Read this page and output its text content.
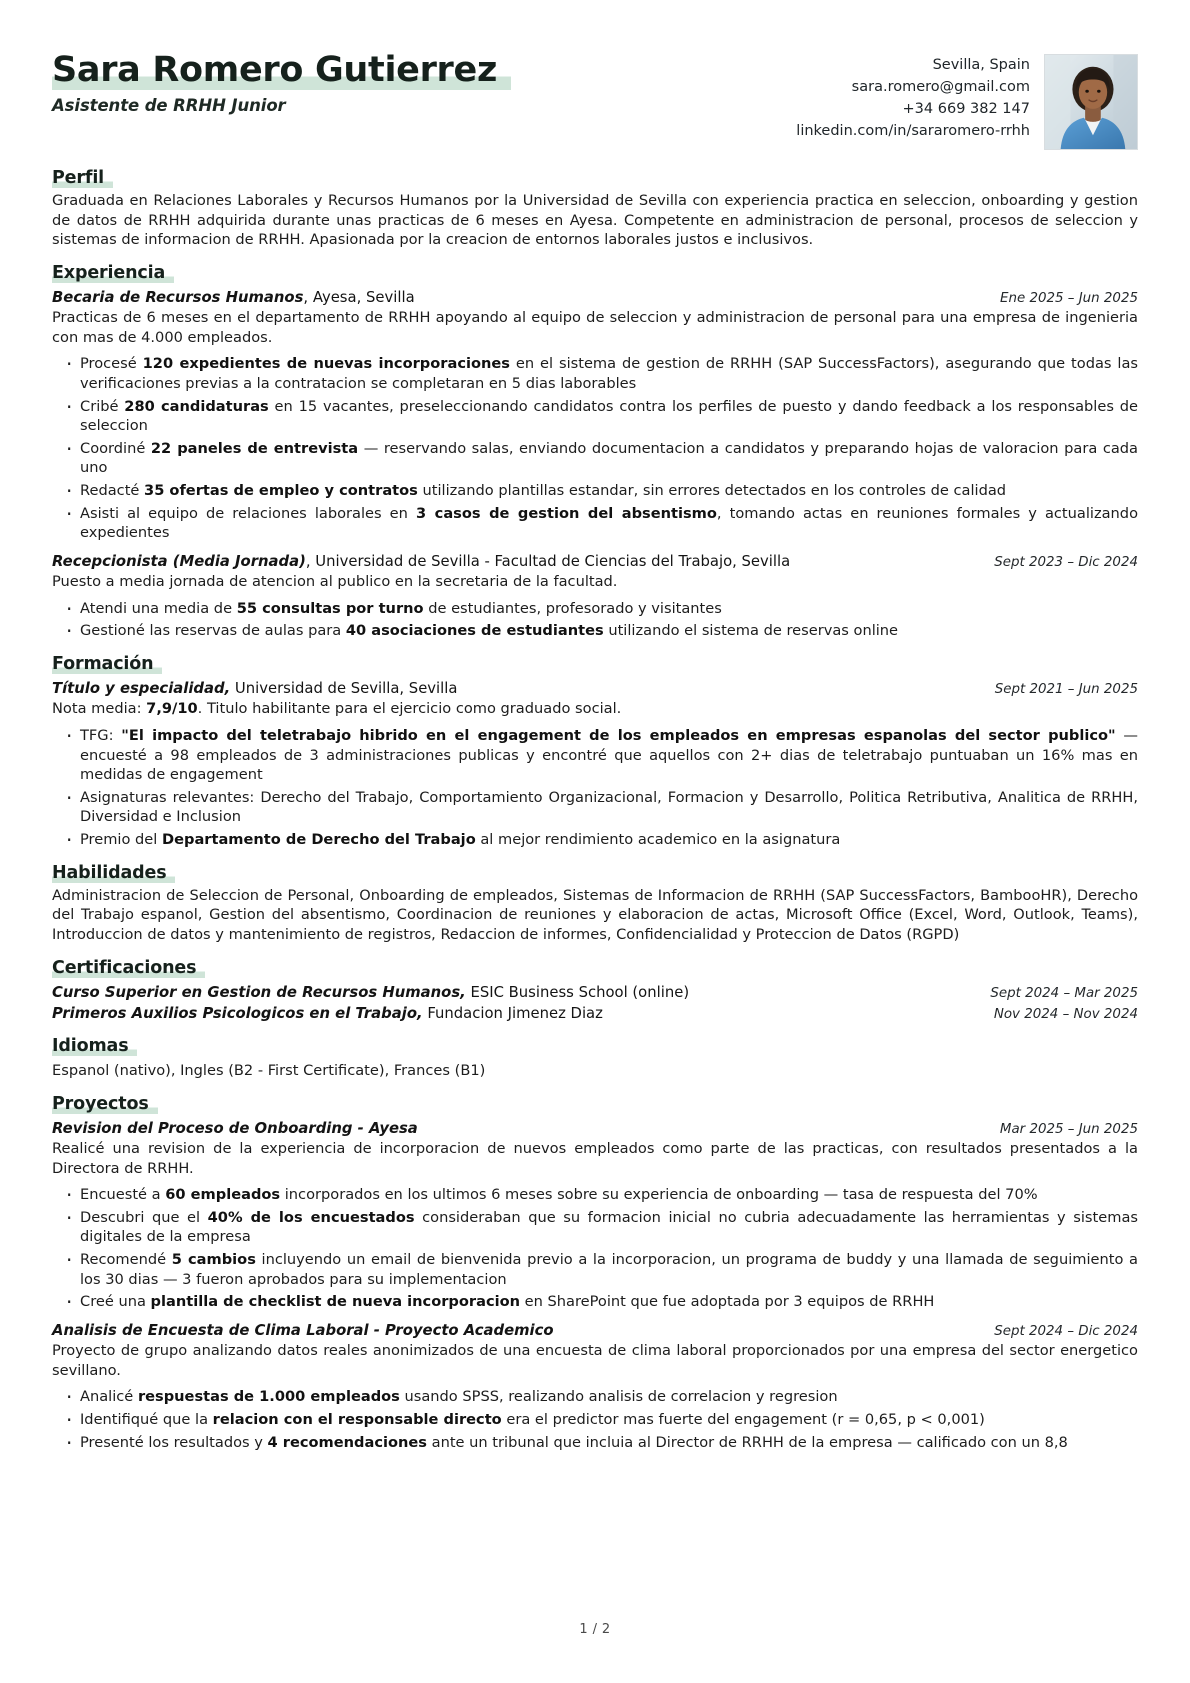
Sara Romero Gutierrez
Asistente de RRHH Junior
Sevilla, Spain
sara.romero@gmail.com
+34 669 382 147
linkedin.com/in/sararomero-rrhh
Perfil
Graduada en Relaciones Laborales y Recursos Humanos por la Universidad de Sevilla con experiencia practica en seleccion, onboarding y gestion de datos de RRHH adquirida durante unas practicas de 6 meses en Ayesa. Competente en administracion de personal, procesos de seleccion y sistemas de informacion de RRHH. Apasionada por la creacion de entornos laborales justos e inclusivos.
Experiencia
Becaria de Recursos Humanos, Ayesa, Sevilla	Ene 2025 – Jun 2025
Practicas de 6 meses en el departamento de RRHH apoyando al equipo de seleccion y administracion de personal para una empresa de ingenieria con mas de 4.000 empleados.
· Procesé 120 expedientes de nuevas incorporaciones en el sistema de gestion de RRHH (SAP SuccessFactors), asegurando que todas las verificaciones previas a la contratacion se completaran en 5 dias laborables
· Cribé 280 candidaturas en 15 vacantes, preseleccionando candidatos contra los perfiles de puesto y dando feedback a los responsables de seleccion
· Coordiné 22 paneles de entrevista — reservando salas, enviando documentacion a candidatos y preparando hojas de valoracion para cada uno
· Redacté 35 ofertas de empleo y contratos utilizando plantillas estandar, sin errores detectados en los controles de calidad
· Asisti al equipo de relaciones laborales en 3 casos de gestion del absentismo, tomando actas en reuniones formales y actualizando expedientes
Recepcionista (Media Jornada), Universidad de Sevilla - Facultad de Ciencias del Trabajo, Sevilla	Sept 2023 – Dic 2024
Puesto a media jornada de atencion al publico en la secretaria de la facultad.
· Atendi una media de 55 consultas por turno de estudiantes, profesorado y visitantes
· Gestioné las reservas de aulas para 40 asociaciones de estudiantes utilizando el sistema de reservas online
Formación
Título y especialidad, Universidad de Sevilla, Sevilla	Sept 2021 – Jun 2025
Nota media: 7,9/10. Titulo habilitante para el ejercicio como graduado social.
· TFG: "El impacto del teletrabajo hibrido en el engagement de los empleados en empresas espanolas del sector publico" — encuesté a 98 empleados de 3 administraciones publicas y encontré que aquellos con 2+ dias de teletrabajo puntuaban un 16% mas en medidas de engagement
· Asignaturas relevantes: Derecho del Trabajo, Comportamiento Organizacional, Formacion y Desarrollo, Politica Retributiva, Analitica de RRHH, Diversidad e Inclusion
· Premio del Departamento de Derecho del Trabajo al mejor rendimiento academico en la asignatura
Habilidades
Administracion de Seleccion de Personal, Onboarding de empleados, Sistemas de Informacion de RRHH (SAP SuccessFactors, BambooHR), Derecho del Trabajo espanol, Gestion del absentismo, Coordinacion de reuniones y elaboracion de actas, Microsoft Office (Excel, Word, Outlook, Teams), Introduccion de datos y mantenimiento de registros, Redaccion de informes, Confidencialidad y Proteccion de Datos (RGPD)
Certificaciones
Curso Superior en Gestion de Recursos Humanos, ESIC Business School (online)	Sept 2024 – Mar 2025
Primeros Auxilios Psicologicos en el Trabajo, Fundacion Jimenez Diaz	Nov 2024 – Nov 2024
Idiomas
Espanol (nativo), Ingles (B2 - First Certificate), Frances (B1)
Proyectos
Revision del Proceso de Onboarding - Ayesa	Mar 2025 – Jun 2025
Realicé una revision de la experiencia de incorporacion de nuevos empleados como parte de las practicas, con resultados presentados a la Directora de RRHH.
· Encuesté a 60 empleados incorporados en los ultimos 6 meses sobre su experiencia de onboarding — tasa de respuesta del 70%
· Descubri que el 40% de los encuestados consideraban que su formacion inicial no cubria adecuadamente las herramientas y sistemas digitales de la empresa
· Recomendé 5 cambios incluyendo un email de bienvenida previo a la incorporacion, un programa de buddy y una llamada de seguimiento a los 30 dias — 3 fueron aprobados para su implementacion
· Creé una plantilla de checklist de nueva incorporacion en SharePoint que fue adoptada por 3 equipos de RRHH
Analisis de Encuesta de Clima Laboral - Proyecto Academico	Sept 2024 – Dic 2024
Proyecto de grupo analizando datos reales anonimizados de una encuesta de clima laboral proporcionados por una empresa del sector energetico sevillano.
· Analicé respuestas de 1.000 empleados usando SPSS, realizando analisis de correlacion y regresion
· Identifiqué que la relacion con el responsable directo era el predictor mas fuerte del engagement (r = 0,65, p < 0,001)
· Presenté los resultados y 4 recomendaciones ante un tribunal que incluia al Director de RRHH de la empresa — calificado con un 8,8
1 / 2
